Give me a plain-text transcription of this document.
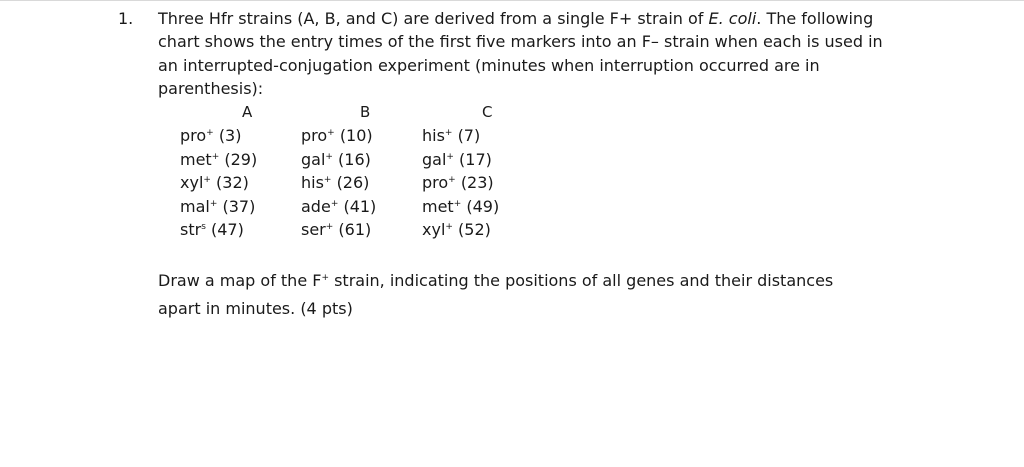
1. Three Hfr strains (A, B, and C) are derived from a single F+ strain of E. coli. The following
chart shows the entry times of the first five markers into an F– strain when each is used in
an interrupted-conjugation experiment (minutes when interruption occurred are in
parenthesis):
A	B	C
pro+ (3)
met+ (29)
xyl+ (32)
mal+ (37)
str$^s$ (47)
pro+ (10)
gal+ (16)
his+ (26)
ade+ (41)
ser+ (61)
his+ (7)
gal+ (17)
pro+ (23)
met+ (49)
xyl+ (52)
Draw a map of the F+ strain, indicating the positions of all genes and their distances
apart in minutes. (4 pts)
